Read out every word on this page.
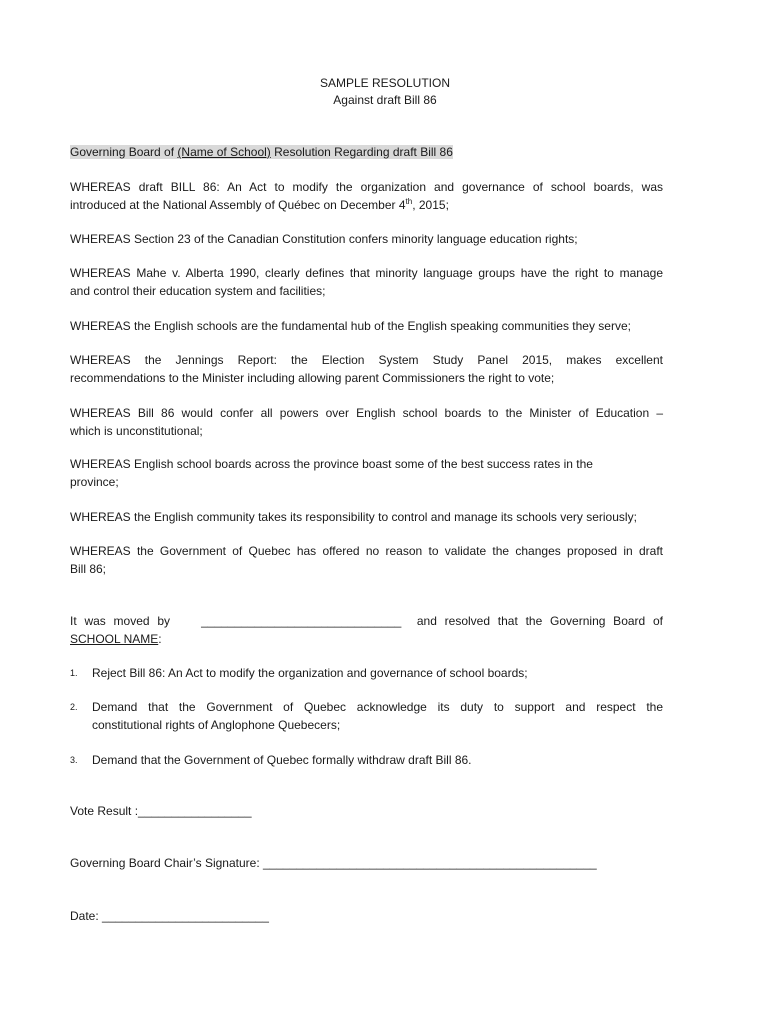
SAMPLE RESOLUTION
Against draft Bill 86
Governing Board of (Name of School) Resolution Regarding draft Bill 86
WHEREAS draft BILL 86: An Act to modify the organization and governance of school boards, was
introduced at the National Assembly of Québec on December 4th, 2015;
WHEREAS Section 23 of the Canadian Constitution confers minority language education rights;
WHEREAS Mahe v. Alberta 1990, clearly defines that minority language groups have the right to manage
and control their education system and facilities;
WHEREAS the English schools are the fundamental hub of the English speaking communities they serve;
WHEREAS the Jennings Report: the Election System Study Panel 2015, makes excellent
recommendations to the Minister including allowing parent Commissioners the right to vote;
WHEREAS Bill 86 would confer all powers over English school boards to the Minister of Education –
which is unconstitutional;
WHEREAS English school boards across the province boast some of the best success rates in the
province;
WHEREAS the English community takes its responsibility to control and manage its schools very seriously;
WHEREAS the Government of Quebec has offered no reason to validate the changes proposed in draft
Bill 86;
It was moved by    ______________________________  and resolved that the Governing Board of
SCHOOL NAME:
1. Reject Bill 86: An Act to modify the organization and governance of school boards;
2. Demand that the Government of Quebec acknowledge its duty to support and respect the
constitutional rights of Anglophone Quebecers;
3. Demand that the Government of Quebec formally withdraw draft Bill 86.
Vote Result :_________________
Governing Board Chair’s Signature: __________________________________________________
Date: _________________________
